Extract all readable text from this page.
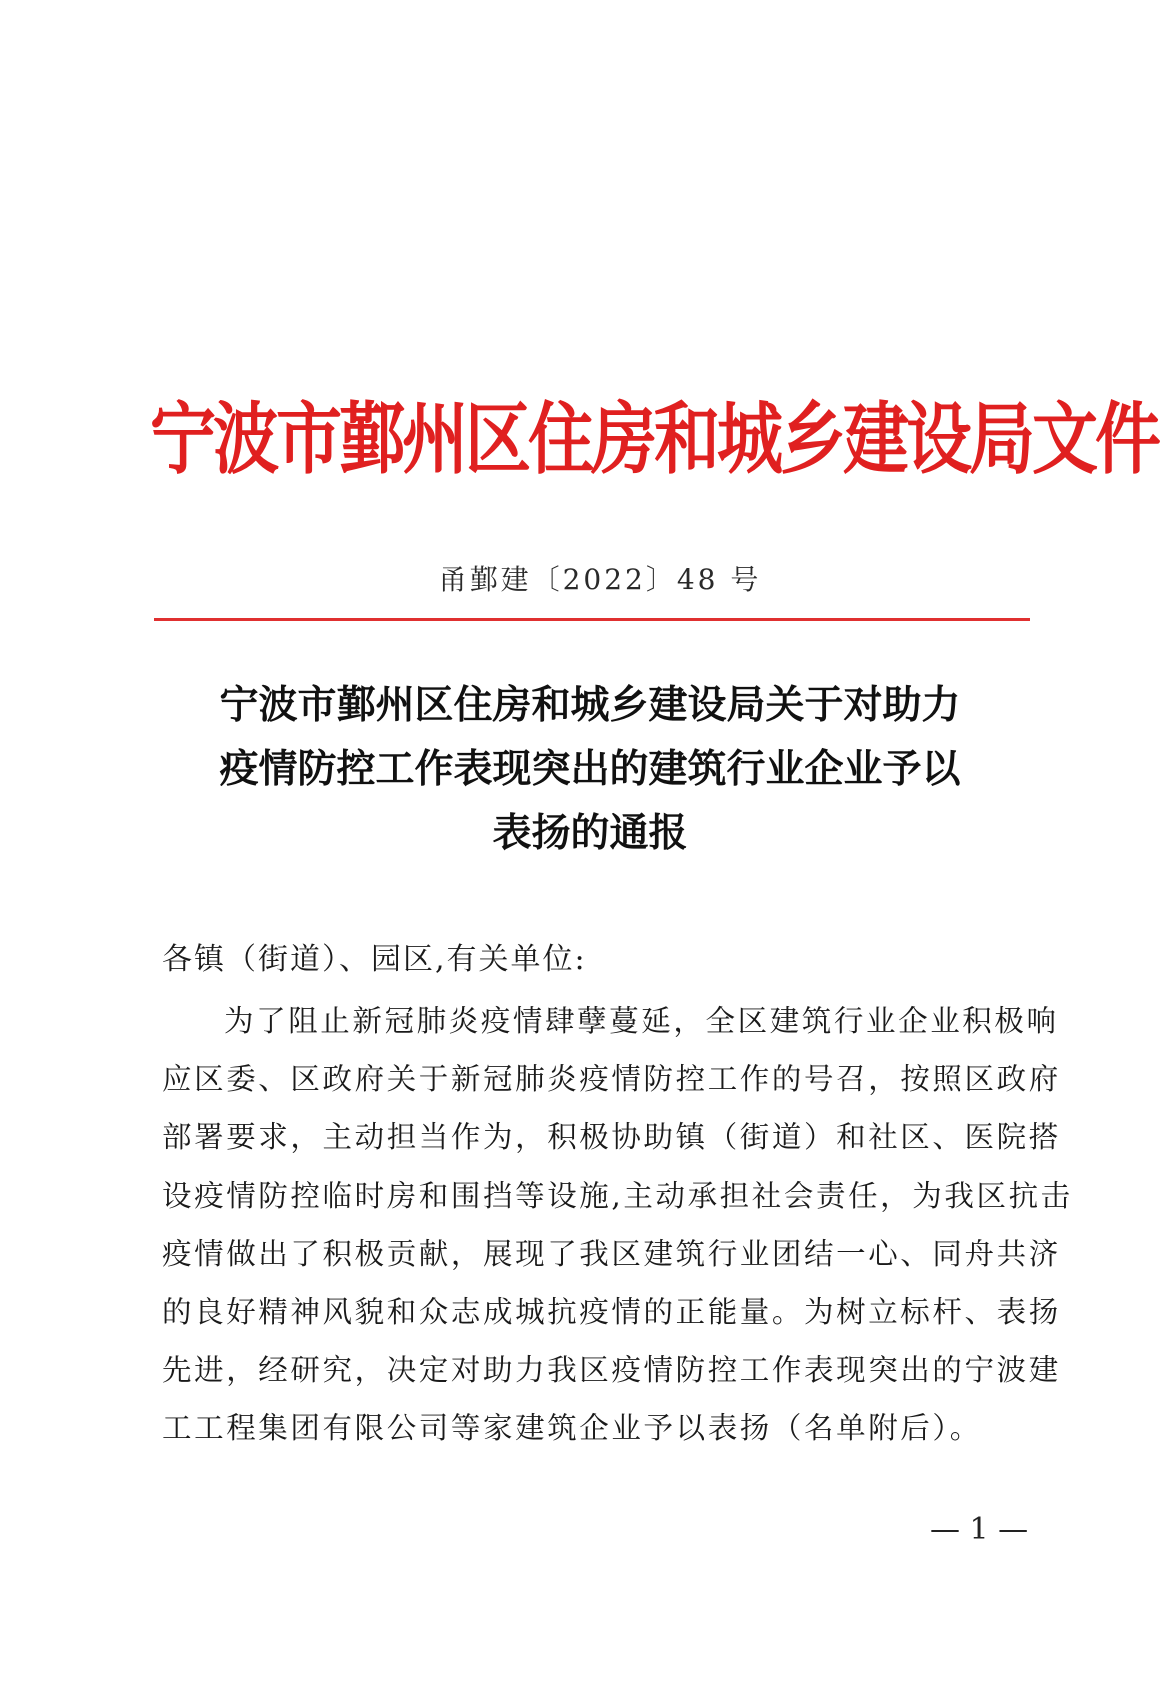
宁波市鄞州区住房和城乡建设局文件
甬鄞建〔2022〕48 号
宁波市鄞州区住房和城乡建设局关于对助力
疫情防控工作表现突出的建筑行业企业予以
表扬的通报
各镇（街道）、园区,有关单位:
为了阻止新冠肺炎疫情肆孽蔓延，全区建筑行业企业积极响
应区委、区政府关于新冠肺炎疫情防控工作的号召，按照区政府
部署要求，主动担当作为，积极协助镇（街道）和社区、医院搭
设疫情防控临时房和围挡等设施,主动承担社会责任，为我区抗击
疫情做出了积极贡献，展现了我区建筑行业团结一心、同舟共济
的良好精神风貌和众志成城抗疫情的正能量。为树立标杆、表扬
先进，经研究，决定对助力我区疫情防控工作表现突出的宁波建
工工程集团有限公司等家建筑企业予以表扬（名单附后）。
— 1 —
